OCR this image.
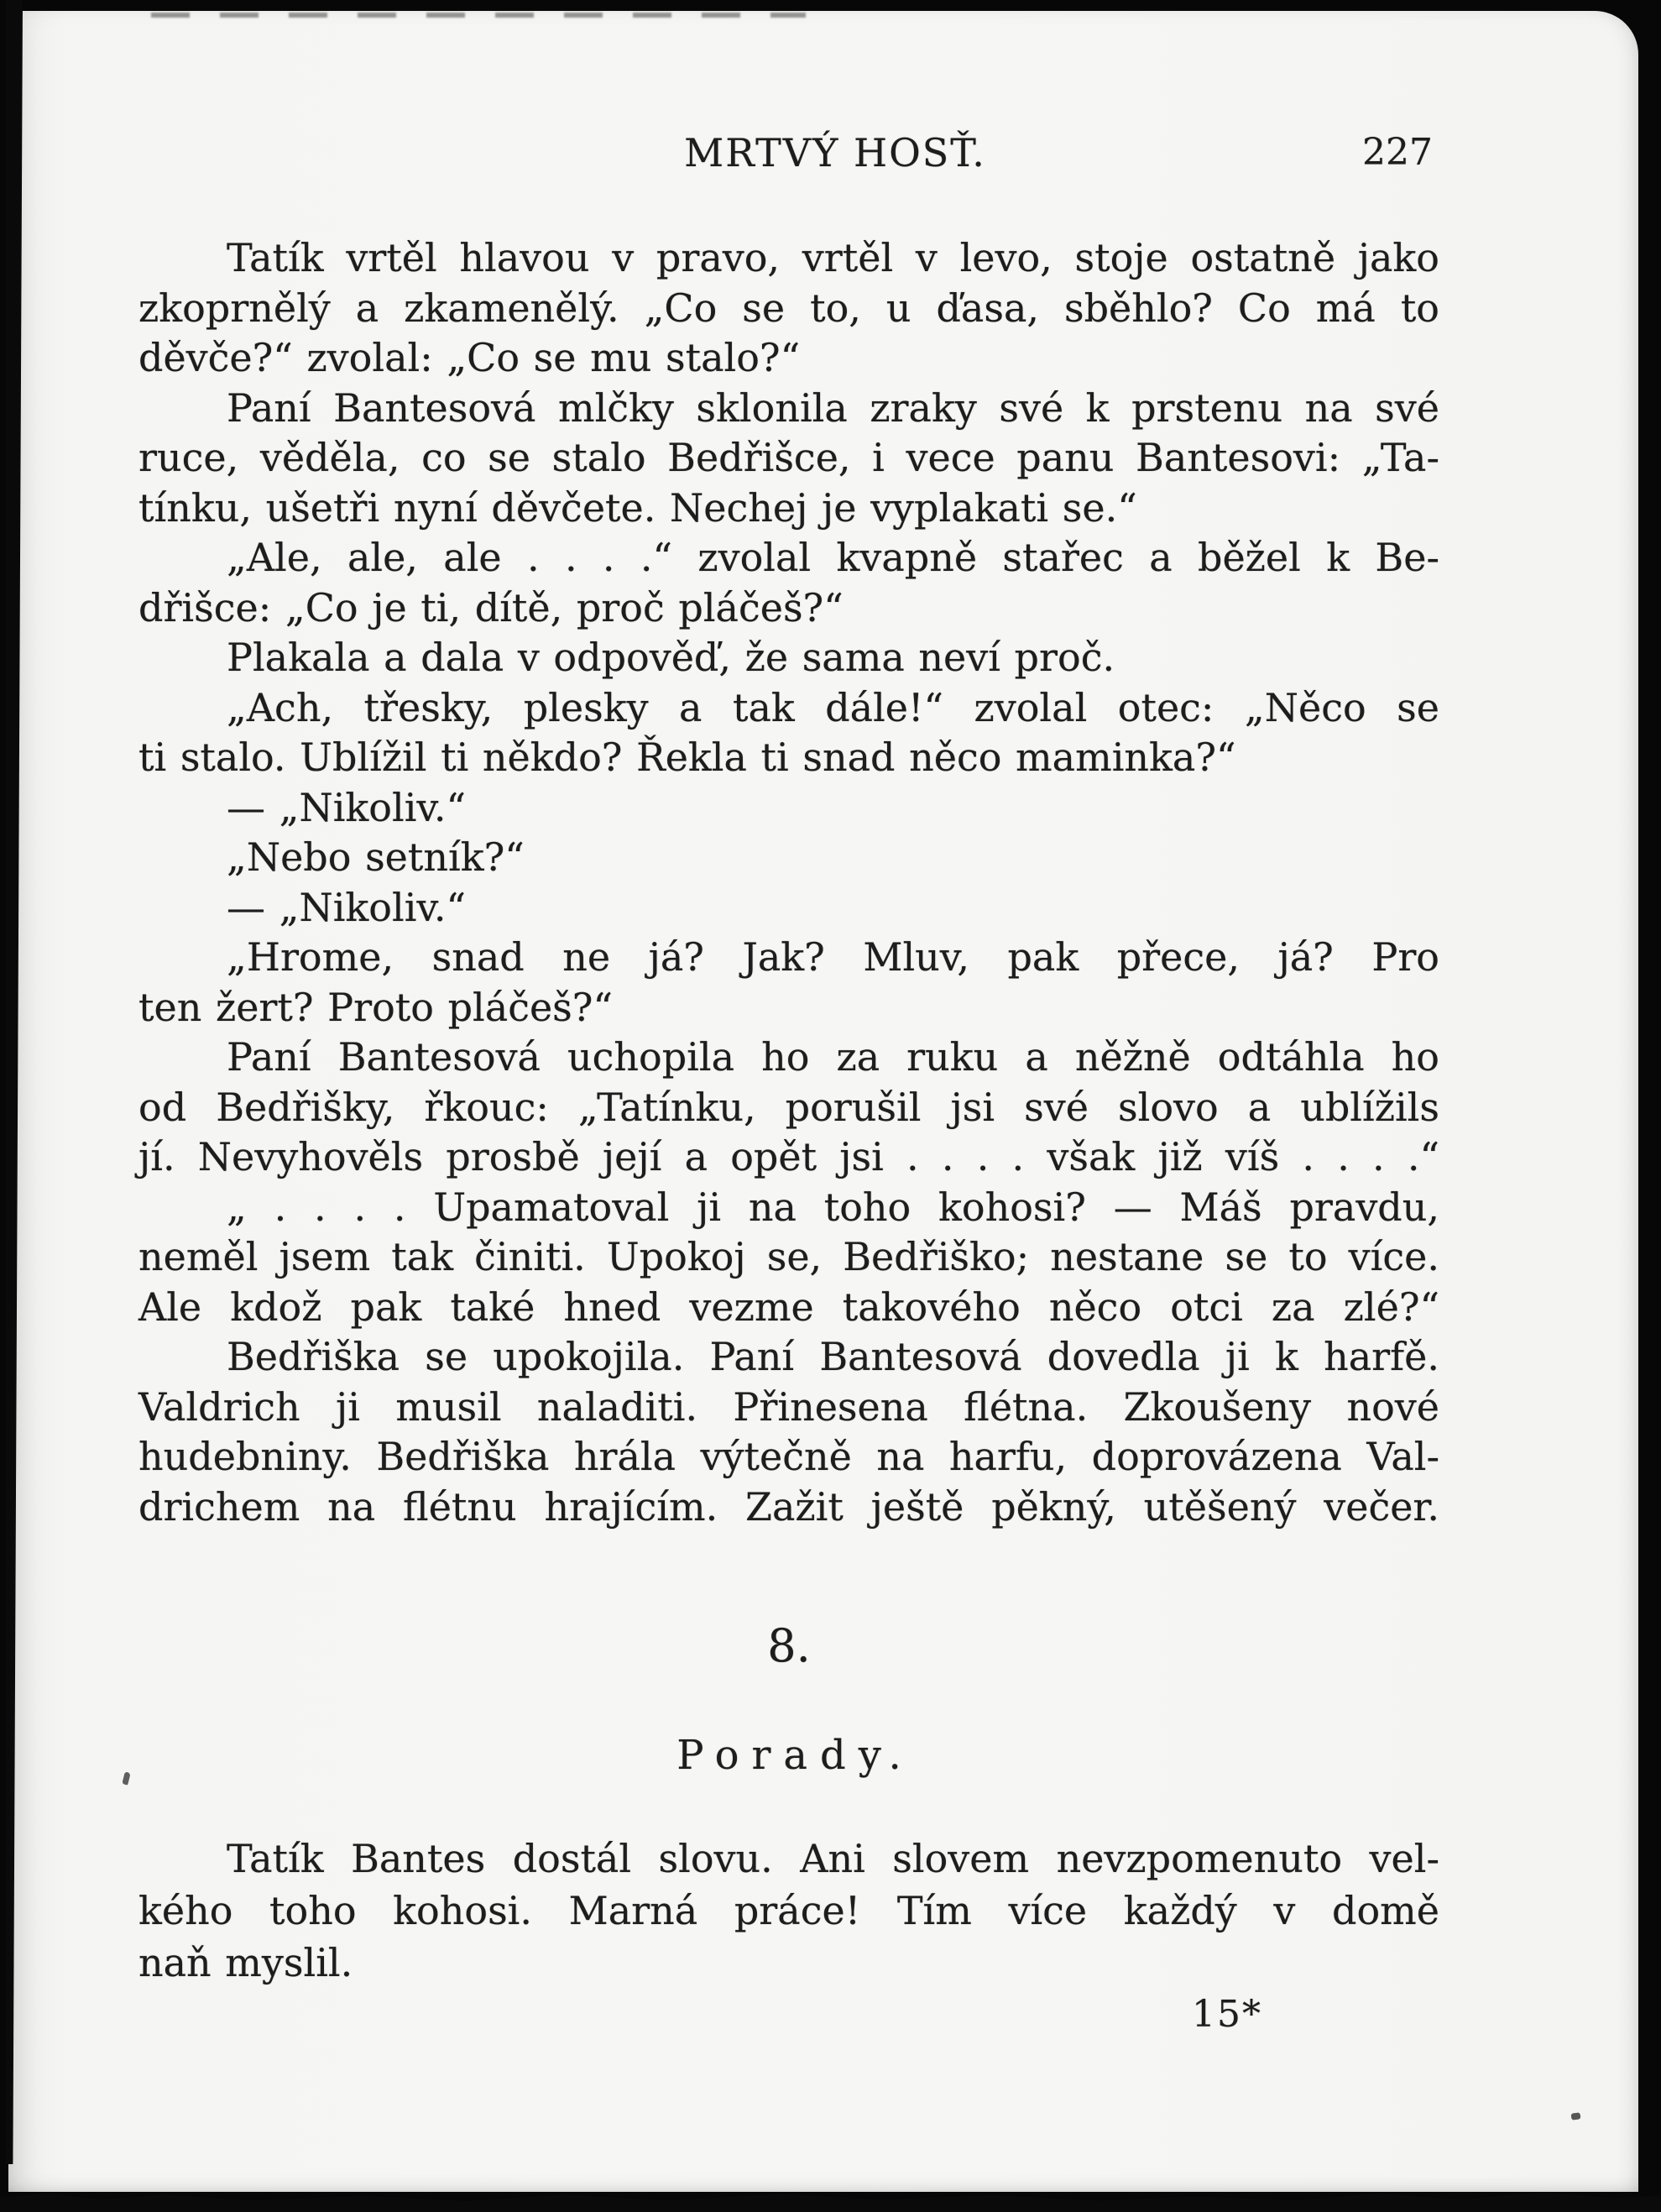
MRTVÝ HOSŤ.	227

Tatík vrtěl hlavou v pravo, vrtěl v levo, stoje ostatně jako
zkoprnělý a zkamenělý. „Co se to, u ďasa, sběhlo? Co má to
děvče?“ zvolal: „Co se mu stalo?“

Paní Bantesová mlčky sklonila zraky své k prstenu na své
ruce, věděla, co se stalo Bedřišce, i vece panu Bantesovi: „Ta-
tínku, ušetři nyní děvčete. Nechej je vyplakati se.“

„Ale, ale, ale . . . .“ zvolal kvapně stařec a běžel k Be-
dřišce: „Co je ti, dítě, proč pláčeš?“

Plakala a dala v odpověď, že sama neví proč.

„Ach, třesky, plesky a tak dále!“ zvolal otec: „Něco se
ti stalo. Ublížil ti někdo? Řekla ti snad něco maminka?“

— „Nikoliv.“

„Nebo setník?“

— „Nikoliv.“

„Hrome, snad ne já? Jak? Mluv, pak přece, já? Pro
ten žert? Proto pláčeš?“

Paní Bantesová uchopila ho za ruku a něžně odtáhla ho
od Bedřišky, řkouc: „Tatínku, porušil jsi své slovo a ublížils
jí. Nevyhověls prosbě její a opět jsi . . . . však již víš . . . .“

„ . . . . Upamatoval ji na toho kohosi? — Máš pravdu,
neměl jsem tak činiti. Upokoj se, Bedřiško; nestane se to více.
Ale kdož pak také hned vezme takového něco otci za zlé?“

Bedřiška se upokojila. Paní Bantesová dovedla ji k harfě.
Valdrich ji musil naladiti. Přinesena flétna. Zkoušeny nové
hudebniny. Bedřiška hrála výtečně na harfu, doprovázena Val-
drichem na flétnu hrajícím. Zažit ještě pěkný, utěšený večer.

8.
Porady.
Tatík Bantes dostál slovu. Ani slovem nevzpomenuto vel-
kého toho kohosi. Marná práce! Tím více každý v domě
naň myslil.
15*
